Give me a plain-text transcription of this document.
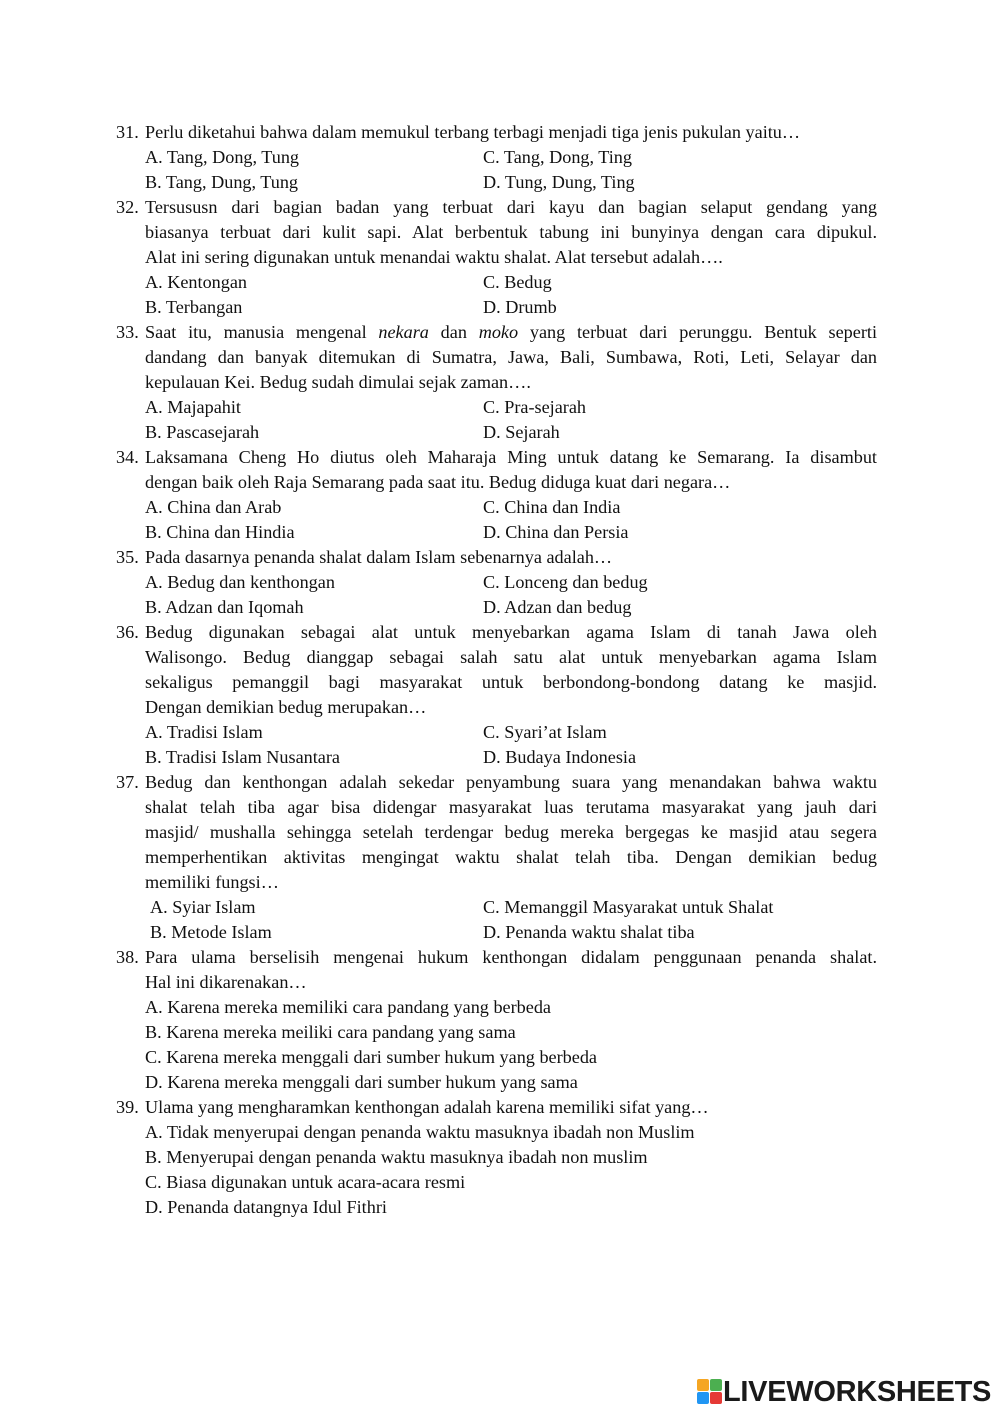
31. Perlu diketahui bahwa dalam memukul terbang terbagi menjadi tiga jenis pukulan yaitu…
A. Tang, Dong, Tung	C. Tang, Dong, Ting
B. Tang, Dung, Tung	D. Tung, Dung, Ting
32. Tersususn dari bagian badan yang terbuat dari kayu dan bagian selaput gendang yang
biasanya terbuat dari kulit sapi. Alat berbentuk tabung ini bunyinya dengan cara dipukul.
Alat ini sering digunakan untuk menandai waktu shalat. Alat tersebut adalah….
A. Kentongan	C. Bedug
B. Terbangan	D. Drumb
33. Saat itu, manusia mengenal nekara dan moko yang terbuat dari perunggu. Bentuk seperti
dandang dan banyak ditemukan di Sumatra, Jawa, Bali, Sumbawa, Roti, Leti, Selayar dan
kepulauan Kei. Bedug sudah dimulai sejak zaman….
A. Majapahit	C. Pra-sejarah
B. Pascasejarah	D. Sejarah
34. Laksamana Cheng Ho diutus oleh Maharaja Ming untuk datang ke Semarang. Ia disambut
dengan baik oleh Raja Semarang pada saat itu. Bedug diduga kuat dari negara…
A. China dan Arab	C. China dan India
B. China dan Hindia	D. China dan Persia
35. Pada dasarnya penanda shalat dalam Islam sebenarnya adalah…
A. Bedug dan kenthongan	C. Lonceng dan bedug
B. Adzan dan Iqomah	D. Adzan dan bedug
36. Bedug digunakan sebagai alat untuk menyebarkan agama Islam di tanah Jawa oleh
Walisongo. Bedug dianggap sebagai salah satu alat untuk menyebarkan agama Islam
sekaligus pemanggil bagi masyarakat untuk berbondong-bondong datang ke masjid.
Dengan demikian bedug merupakan…
A. Tradisi Islam	C. Syari’at Islam
B. Tradisi Islam Nusantara	D. Budaya Indonesia
37. Bedug dan kenthongan adalah sekedar penyambung suara yang menandakan bahwa waktu
shalat telah tiba agar bisa didengar masyarakat luas terutama masyarakat yang jauh dari
masjid/ mushalla sehingga setelah terdengar bedug mereka bergegas ke masjid atau segera
memperhentikan aktivitas mengingat waktu shalat telah tiba. Dengan demikian bedug
memiliki fungsi…
A. Syiar Islam	C. Memanggil Masyarakat untuk Shalat
B. Metode Islam	D. Penanda waktu shalat tiba
38. Para ulama berselisih mengenai hukum kenthongan didalam penggunaan penanda shalat.
Hal ini dikarenakan…
A. Karena mereka memiliki cara pandang yang berbeda
B. Karena mereka meiliki cara pandang yang sama
C. Karena mereka menggali dari sumber hukum yang berbeda
D. Karena mereka menggali dari sumber hukum yang sama
39. Ulama yang mengharamkan kenthongan adalah karena memiliki sifat yang…
A. Tidak menyerupai dengan penanda waktu masuknya ibadah non Muslim
B. Menyerupai dengan penanda waktu masuknya ibadah non muslim
C. Biasa digunakan untuk acara-acara resmi
D. Penanda datangnya Idul Fithri
LIVEWORKSHEETS
